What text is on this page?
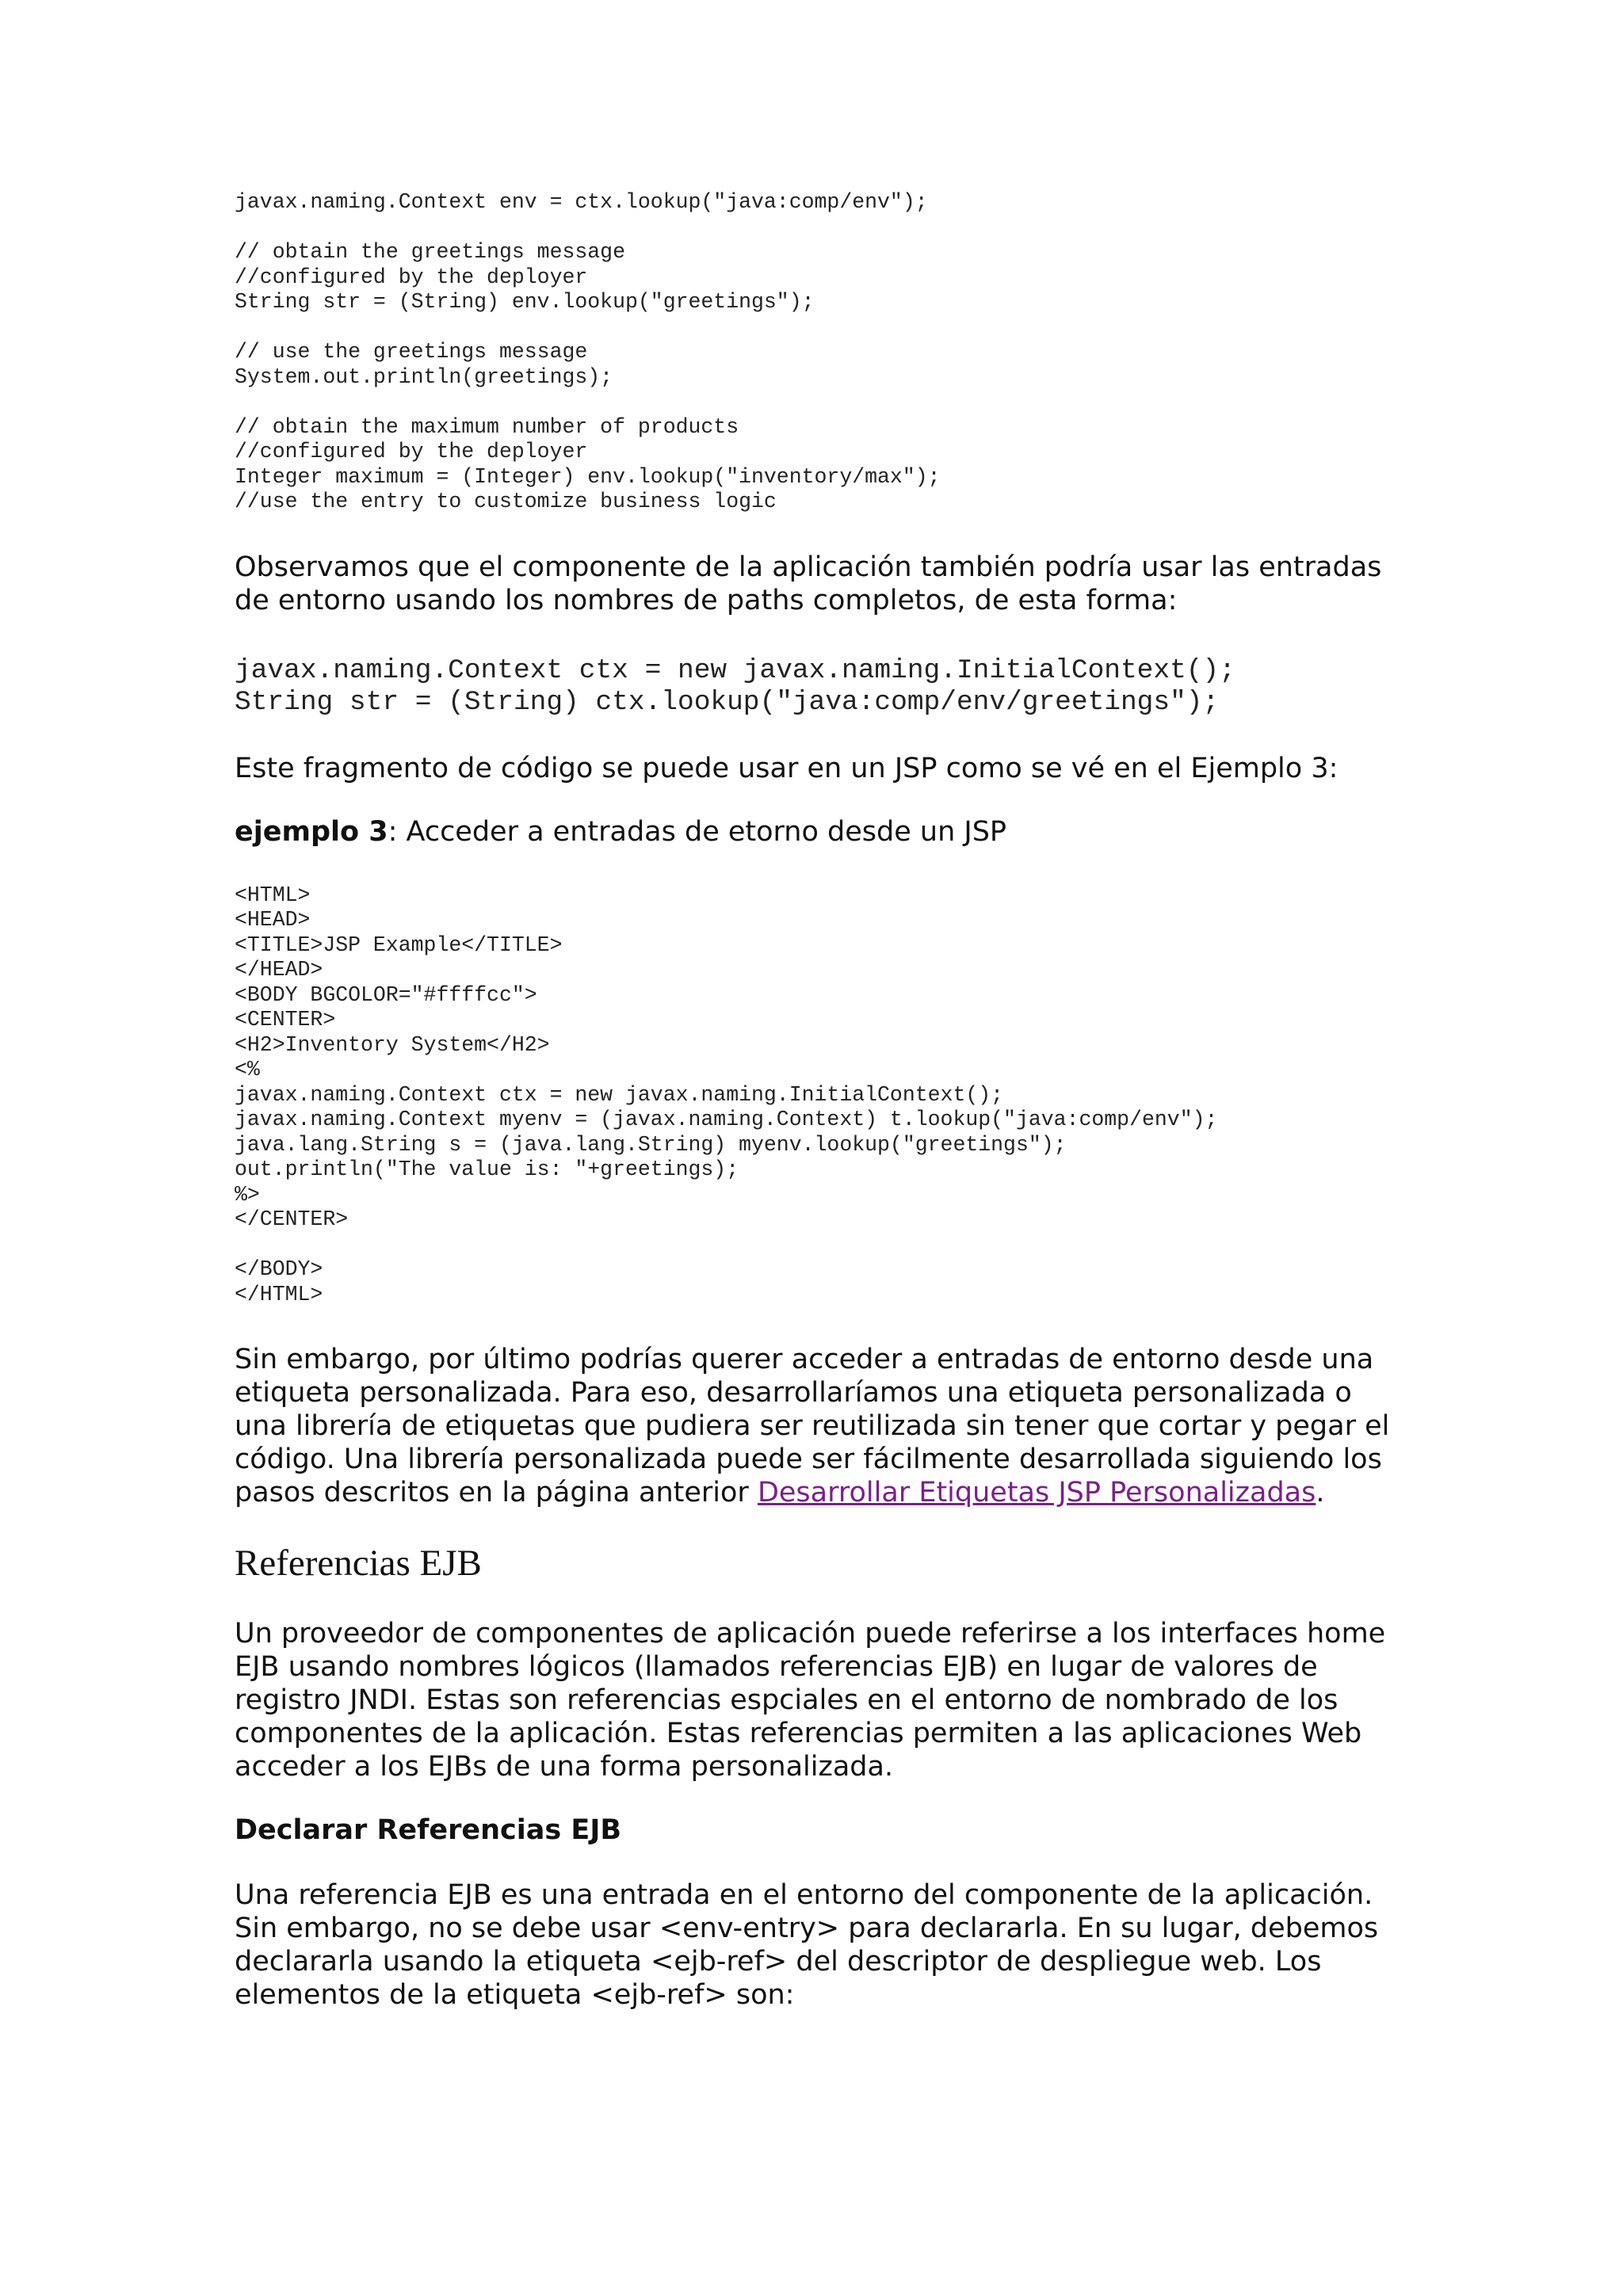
javax.naming.Context env = ctx.lookup("java:comp/env");

// obtain the greetings message
//configured by the deployer
String str = (String) env.lookup("greetings");

// use the greetings message
System.out.println(greetings);

// obtain the maximum number of products
//configured by the deployer
Integer maximum = (Integer) env.lookup("inventory/max");
//use the entry to customize business logic

Observamos que el componente de la aplicación también podría usar las entradas de entorno usando los nombres de paths completos, de esta forma:

javax.naming.Context ctx = new javax.naming.InitialContext();
String str = (String) ctx.lookup("java:comp/env/greetings");

Este fragmento de código se puede usar en un JSP como se vé en el Ejemplo 3:

ejemplo 3: Acceder a entradas de etorno desde un JSP

<HTML>
<HEAD>
<TITLE>JSP Example</TITLE>
</HEAD>
<BODY BGCOLOR="#ffffcc">
<CENTER>
<H2>Inventory System</H2>
<%
javax.naming.Context ctx = new javax.naming.InitialContext();
javax.naming.Context myenv = (javax.naming.Context) t.lookup("java:comp/env");
java.lang.String s = (java.lang.String) myenv.lookup("greetings");
out.println("The value is: "+greetings);
%>
</CENTER>

</BODY>
</HTML>

Sin embargo, por último podrías querer acceder a entradas de entorno desde una
etiqueta personalizada. Para eso, desarrollaríamos una etiqueta personalizada o
una librería de etiquetas que pudiera ser reutilizada sin tener que cortar y pegar el
código. Una librería personalizada puede ser fácilmente desarrollada siguiendo los
pasos descritos en la página anterior Desarrollar Etiquetas JSP Personalizadas.

Referencias EJB

Un proveedor de componentes de aplicación puede referirse a los interfaces home
EJB usando nombres lógicos (llamados referencias EJB) en lugar de valores de
registro JNDI. Estas son referencias espciales en el entorno de nombrado de los
componentes de la aplicación. Estas referencias permiten a las aplicaciones Web
acceder a los EJBs de una forma personalizada.

Declarar Referencias EJB

Una referencia EJB es una entrada en el entorno del componente de la aplicación.
Sin embargo, no se debe usar <env-entry> para declararla. En su lugar, debemos
declararla usando la etiqueta <ejb-ref> del descriptor de despliegue web. Los
elementos de la etiqueta <ejb-ref> son:
